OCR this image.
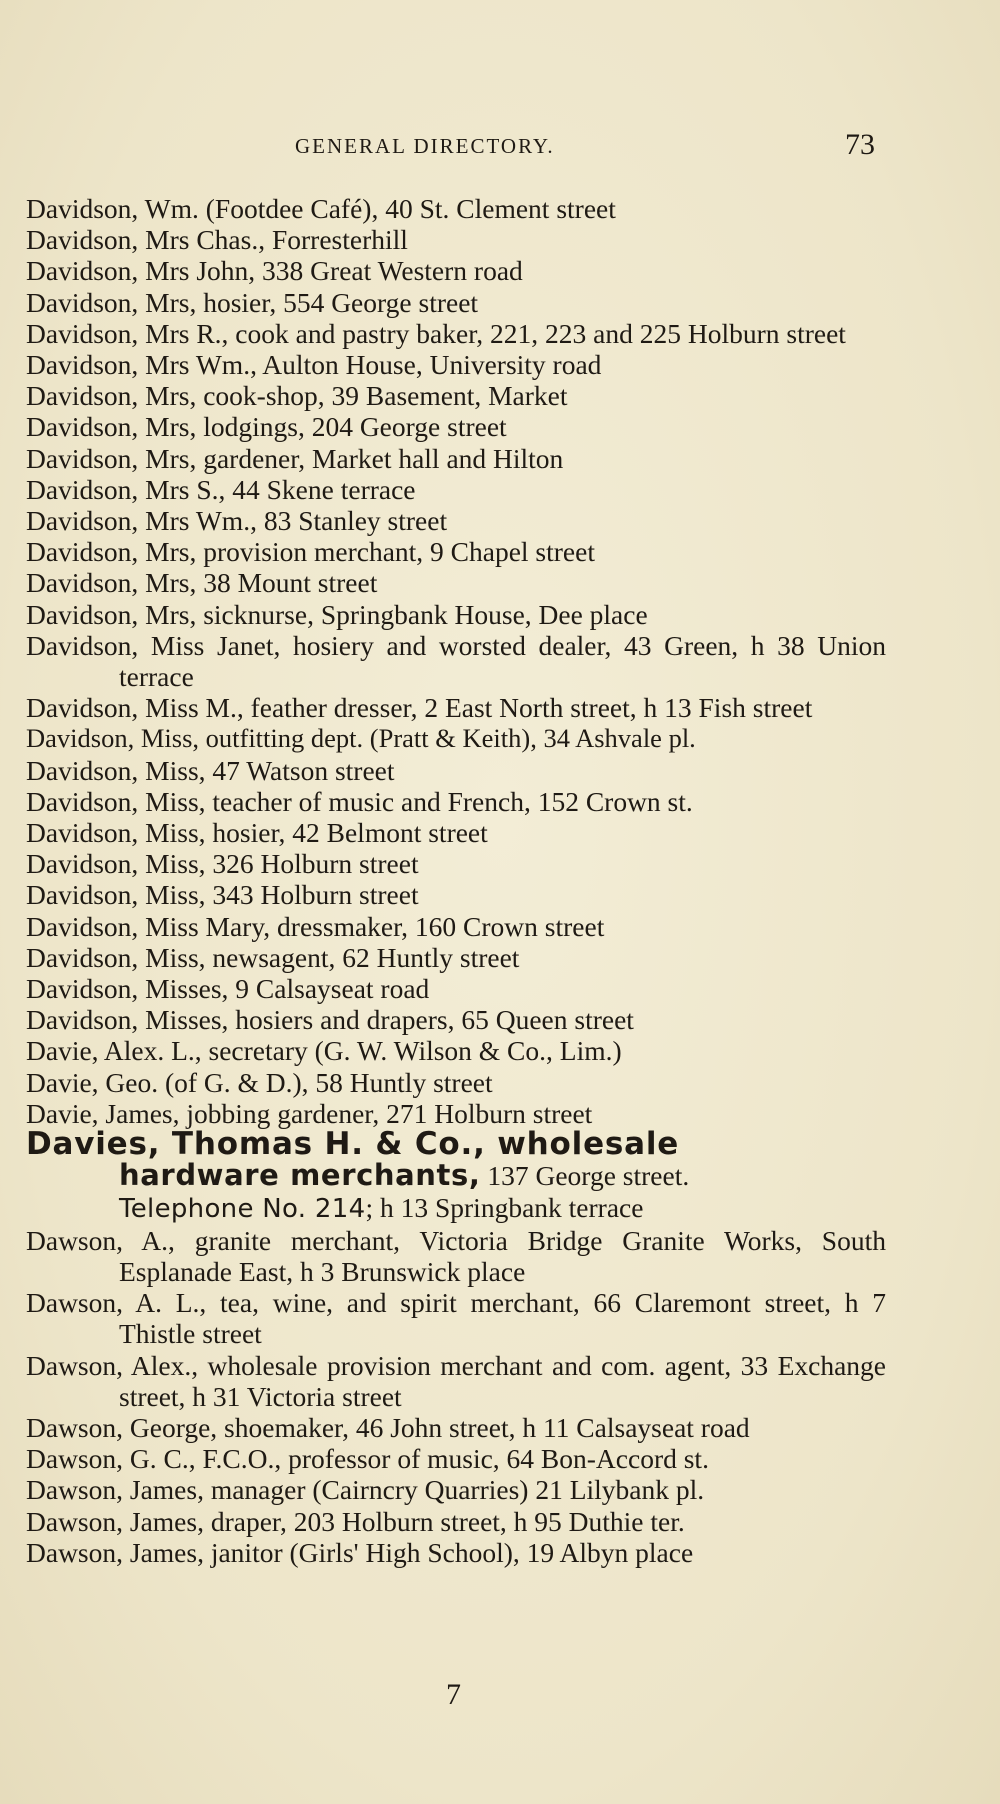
GENERAL DIRECTORY.	73
Davidson, Wm. (Footdee Café), 40 St. Clement street
Davidson, Mrs Chas., Forresterhill
Davidson, Mrs John, 338 Great Western road
Davidson, Mrs, hosier, 554 George street
Davidson, Mrs R., cook and pastry baker, 221, 223 and 225 Holburn street
Davidson, Mrs Wm., Aulton House, University road
Davidson, Mrs, cook-shop, 39 Basement, Market
Davidson, Mrs, lodgings, 204 George street
Davidson, Mrs, gardener, Market hall and Hilton
Davidson, Mrs S., 44 Skene terrace
Davidson, Mrs Wm., 83 Stanley street
Davidson, Mrs, provision merchant, 9 Chapel street
Davidson, Mrs, 38 Mount street
Davidson, Mrs, sicknurse, Springbank House, Dee place
Davidson, Miss Janet, hosiery and worsted dealer, 43 Green, h 38 Union terrace
Davidson, Miss M., feather dresser, 2 East North street, h 13 Fish street
Davidson, Miss, outfitting dept. (Pratt & Keith), 34 Ashvale pl.
Davidson, Miss, 47 Watson street
Davidson, Miss, teacher of music and French, 152 Crown st.
Davidson, Miss, hosier, 42 Belmont street
Davidson, Miss, 326 Holburn street
Davidson, Miss, 343 Holburn street
Davidson, Miss Mary, dressmaker, 160 Crown street
Davidson, Miss, newsagent, 62 Huntly street
Davidson, Misses, 9 Calsayseat road
Davidson, Misses, hosiers and drapers, 65 Queen street
Davie, Alex. L., secretary (G. W. Wilson & Co., Lim.)
Davie, Geo. (of G. & D.), 58 Huntly street
Davie, James, jobbing gardener, 271 Holburn street
Davies, Thomas H. & Co., wholesale
hardware merchants, 137 George street.
Telephone No. 214; h 13 Springbank terrace
Dawson, A., granite merchant, Victoria Bridge Granite Works, South Esplanade East, h 3 Brunswick place
Dawson, A. L., tea, wine, and spirit merchant, 66 Claremont street, h 7 Thistle street
Dawson, Alex., wholesale provision merchant and com. agent, 33 Exchange street, h 31 Victoria street
Dawson, George, shoemaker, 46 John street, h 11 Calsayseat road
Dawson, G. C., F.C.O., professor of music, 64 Bon-Accord st.
Dawson, James, manager (Cairncry Quarries) 21 Lilybank pl.
Dawson, James, draper, 203 Holburn street, h 95 Duthie ter.
Dawson, James, janitor (Girls' High School), 19 Albyn place
7
